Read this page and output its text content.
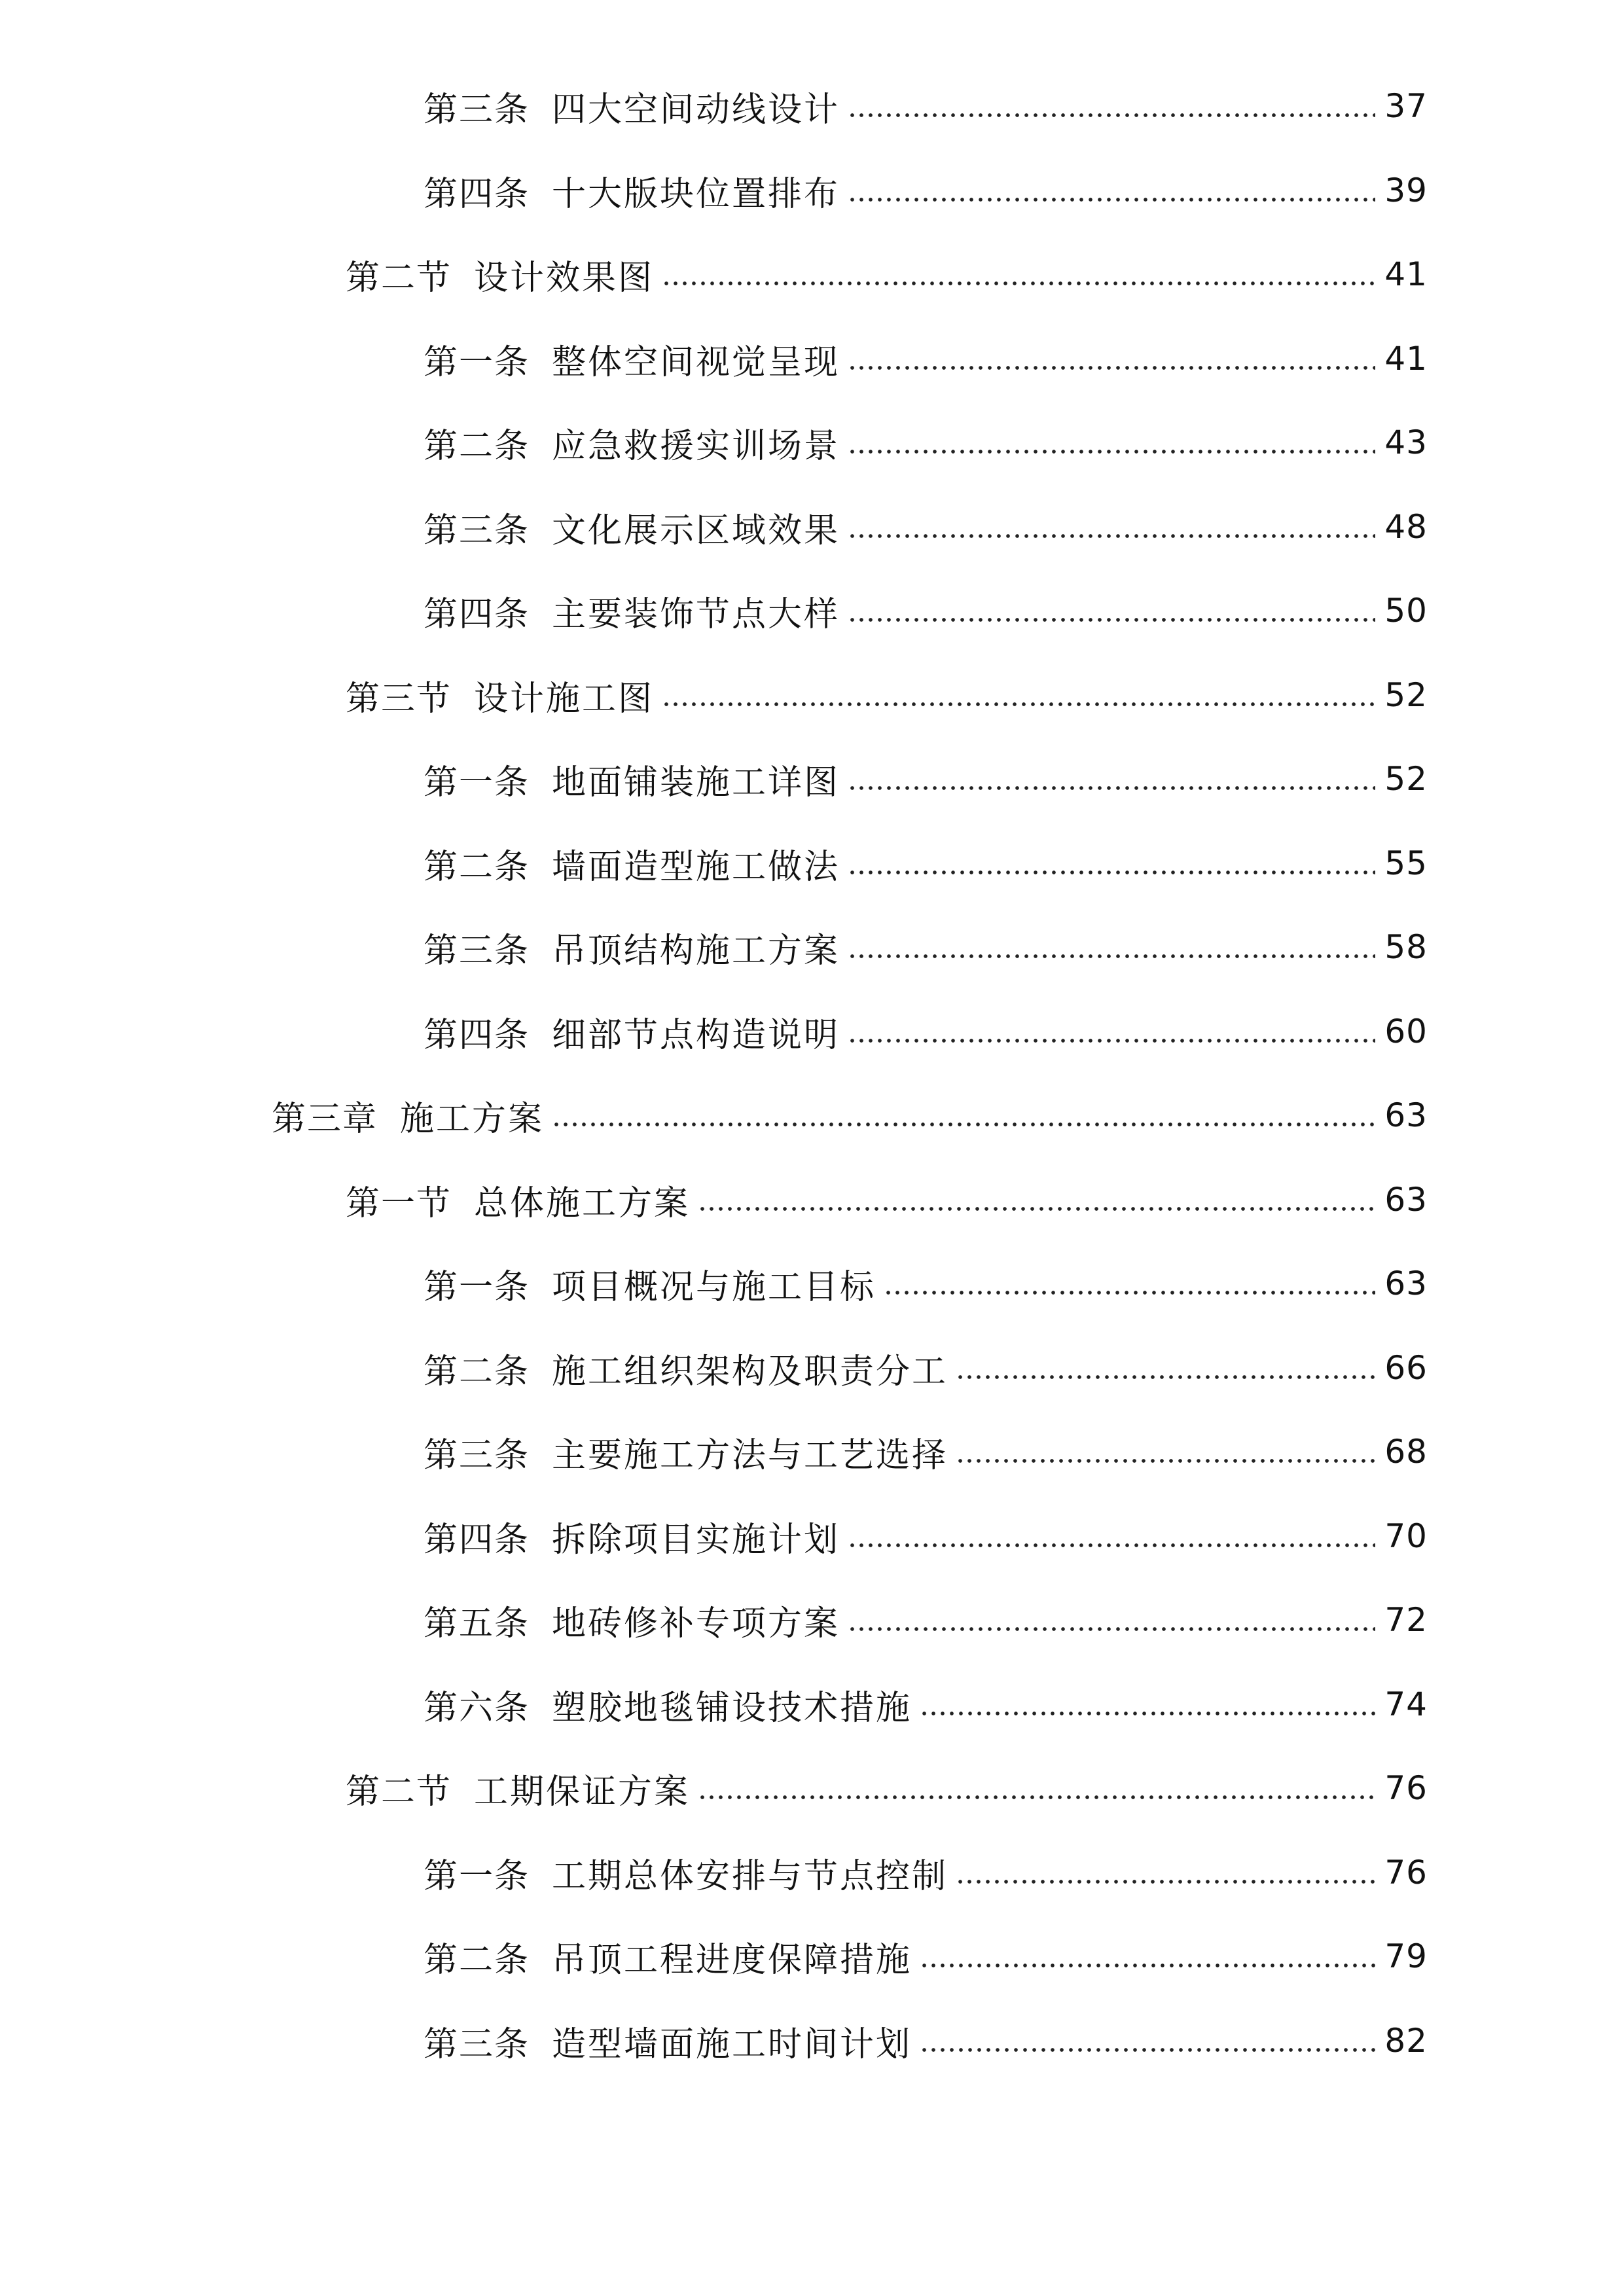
第三条 四大空间动线设计	37
第四条 十大版块位置排布	39
第二节 设计效果图	41
第一条 整体空间视觉呈现	41
第二条 应急救援实训场景	43
第三条 文化展示区域效果	48
第四条 主要装饰节点大样	50
第三节 设计施工图	52
第一条 地面铺装施工详图	52
第二条 墙面造型施工做法	55
第三条 吊顶结构施工方案	58
第四条 细部节点构造说明	60
第三章 施工方案	63
第一节 总体施工方案	63
第一条 项目概况与施工目标	63
第二条 施工组织架构及职责分工	66
第三条 主要施工方法与工艺选择	68
第四条 拆除项目实施计划	70
第五条 地砖修补专项方案	72
第六条 塑胶地毯铺设技术措施	74
第二节 工期保证方案	76
第一条 工期总体安排与节点控制	76
第二条 吊顶工程进度保障措施	79
第三条 造型墙面施工时间计划	82
